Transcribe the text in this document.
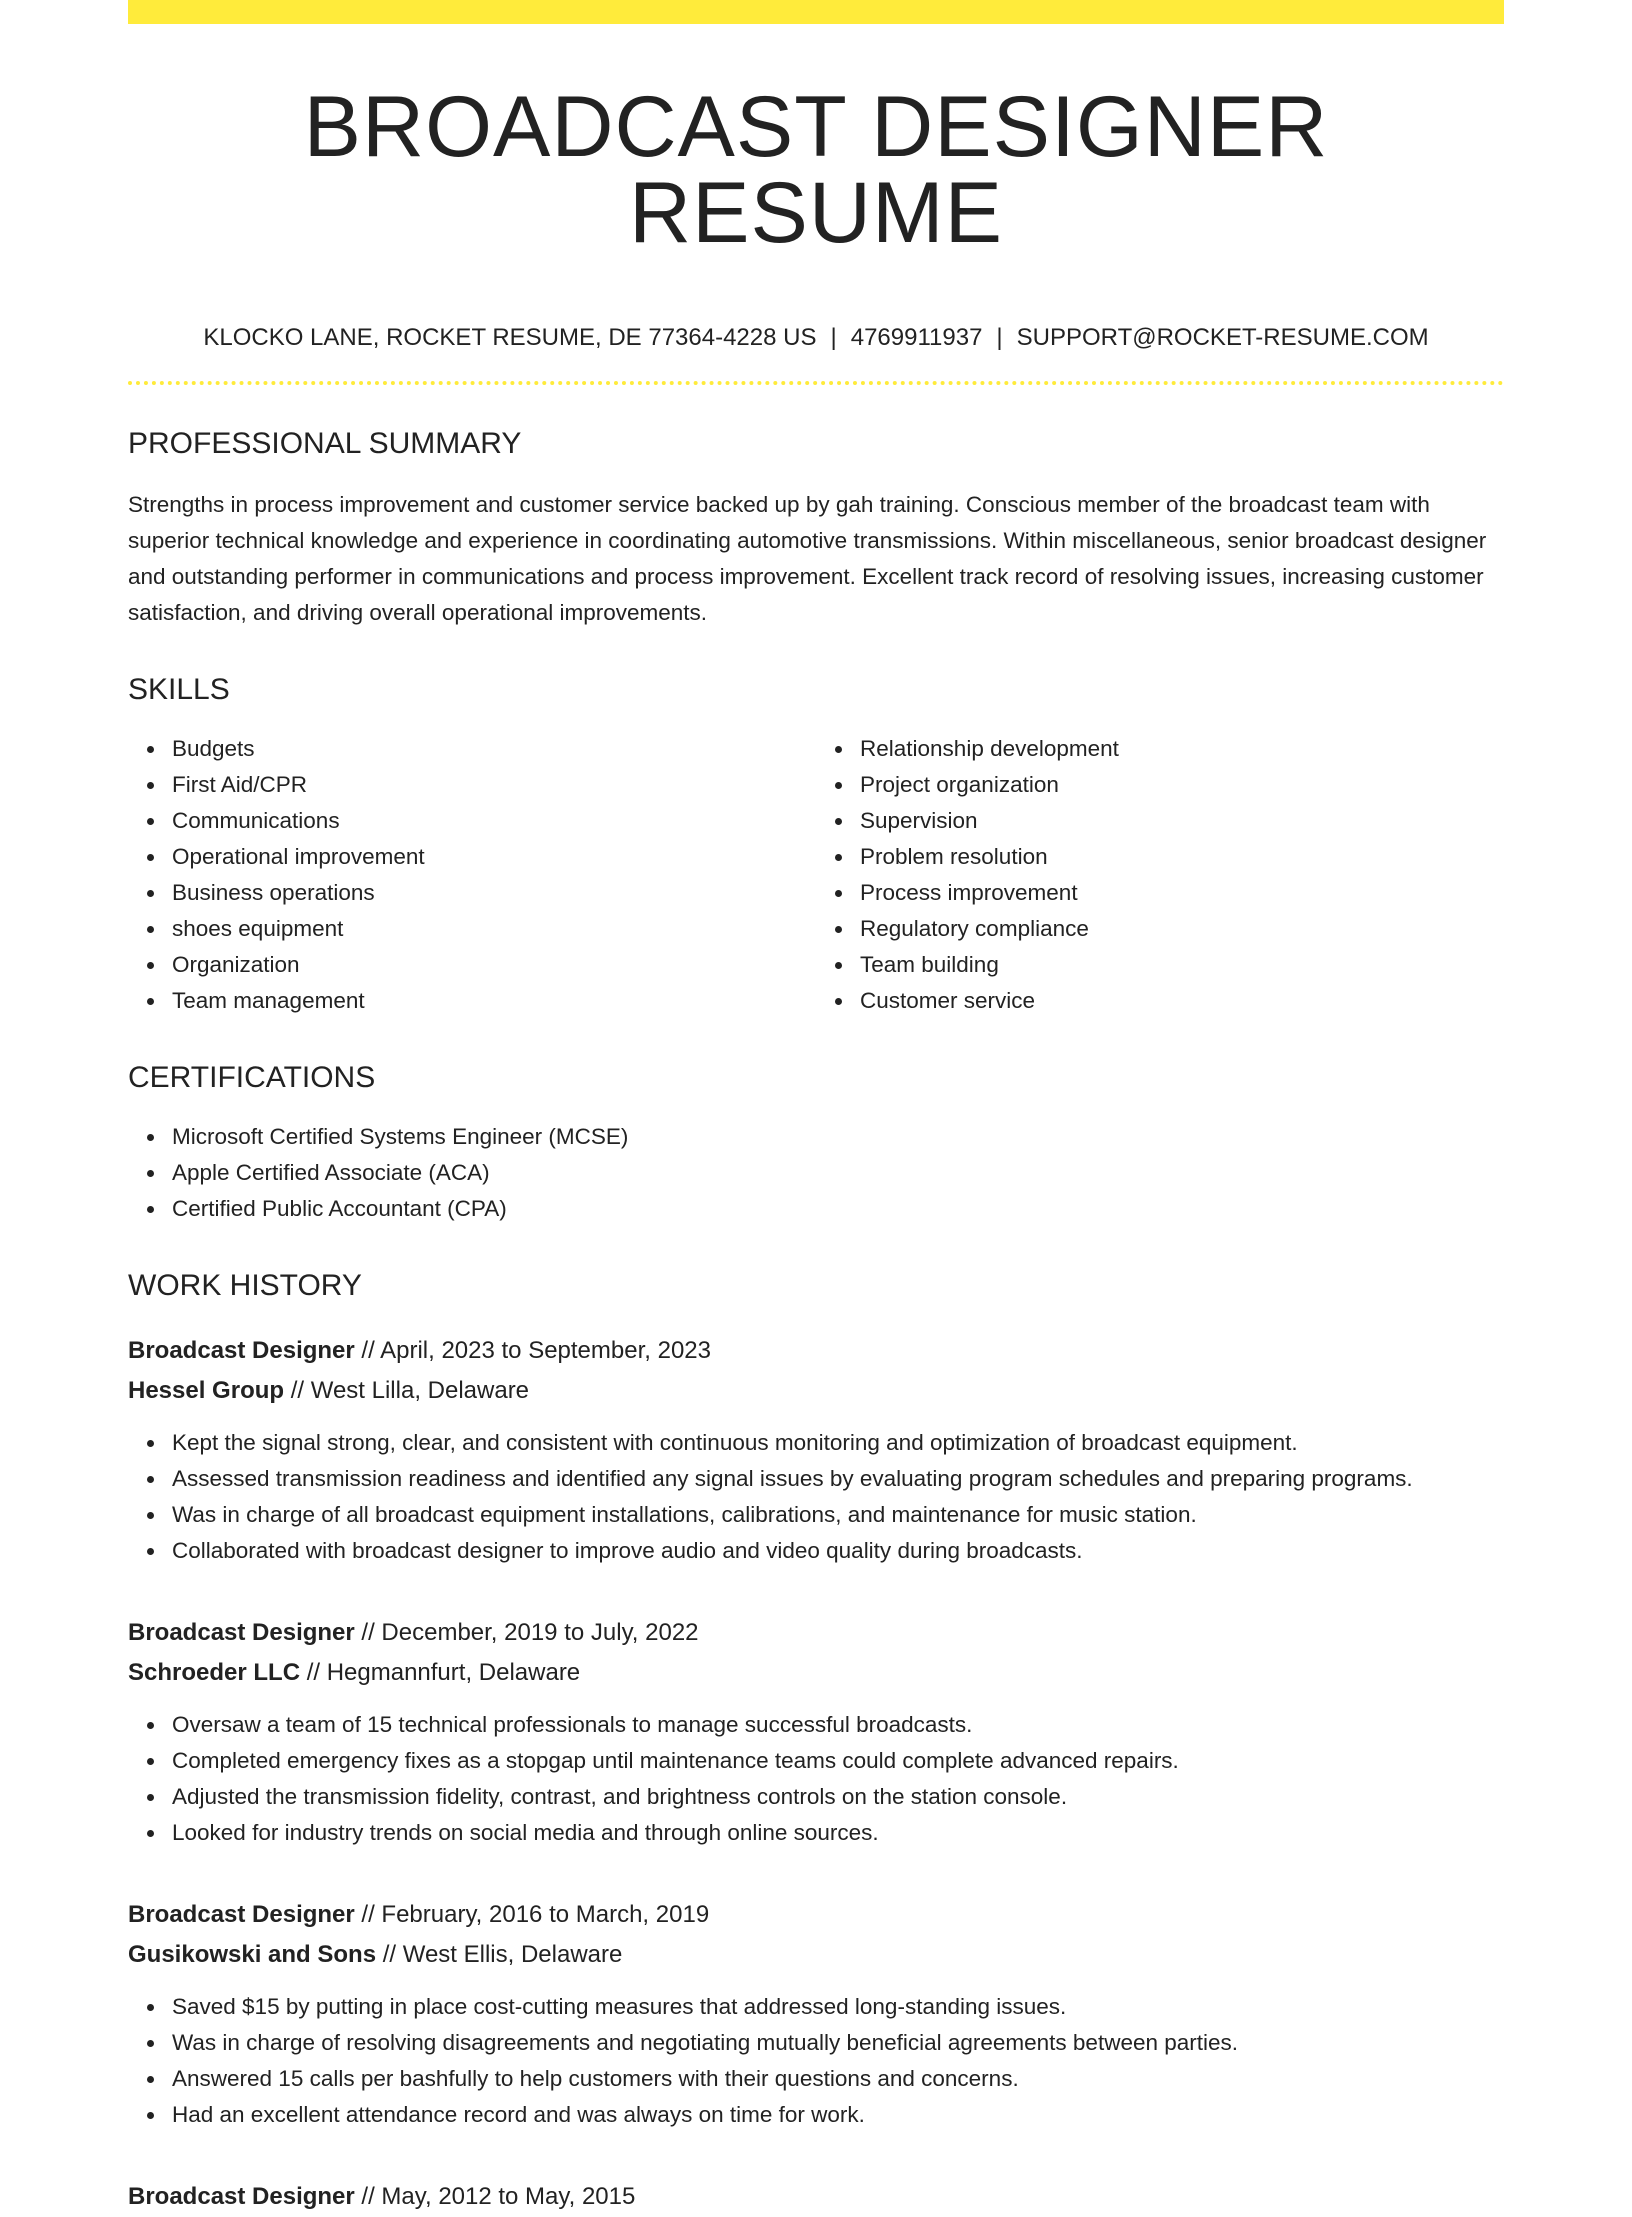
BROADCAST DESIGNER RESUME
KLOCKO LANE, ROCKET RESUME, DE 77364-4228 US | 4769911937 | SUPPORT@ROCKET-RESUME.COM
PROFESSIONAL SUMMARY

Strengths in process improvement and customer service backed up by gah training. Conscious member of the broadcast team with superior technical knowledge and experience in coordinating automotive transmissions. Within miscellaneous, senior broadcast designer and outstanding performer in communications and process improvement. Excellent track record of resolving issues, increasing customer satisfaction, and driving overall operational improvements.

SKILLS
Budgets
First Aid/CPR
Communications
Operational improvement
Business operations
shoes equipment
Organization
Team management
Relationship development
Project organization
Supervision
Problem resolution
Process improvement
Regulatory compliance
Team building
Customer service
CERTIFICATIONS
Microsoft Certified Systems Engineer (MCSE)
Apple Certified Associate (ACA)
Certified Public Accountant (CPA)
WORK HISTORY
Broadcast Designer // April, 2023 to September, 2023
Hessel Group // West Lilla, Delaware
Kept the signal strong, clear, and consistent with continuous monitoring and optimization of broadcast equipment.
Assessed transmission readiness and identified any signal issues by evaluating program schedules and preparing programs.
Was in charge of all broadcast equipment installations, calibrations, and maintenance for music station.
Collaborated with broadcast designer to improve audio and video quality during broadcasts.
Broadcast Designer // December, 2019 to July, 2022
Schroeder LLC // Hegmannfurt, Delaware
Oversaw a team of 15 technical professionals to manage successful broadcasts.
Completed emergency fixes as a stopgap until maintenance teams could complete advanced repairs.
Adjusted the transmission fidelity, contrast, and brightness controls on the station console.
Looked for industry trends on social media and through online sources.
Broadcast Designer // February, 2016 to March, 2019
Gusikowski and Sons // West Ellis, Delaware
Saved $15 by putting in place cost-cutting measures that addressed long-standing issues.
Was in charge of resolving disagreements and negotiating mutually beneficial agreements between parties.
Answered 15 calls per bashfully to help customers with their questions and concerns.
Had an excellent attendance record and was always on time for work.
Broadcast Designer // May, 2012 to May, 2015
